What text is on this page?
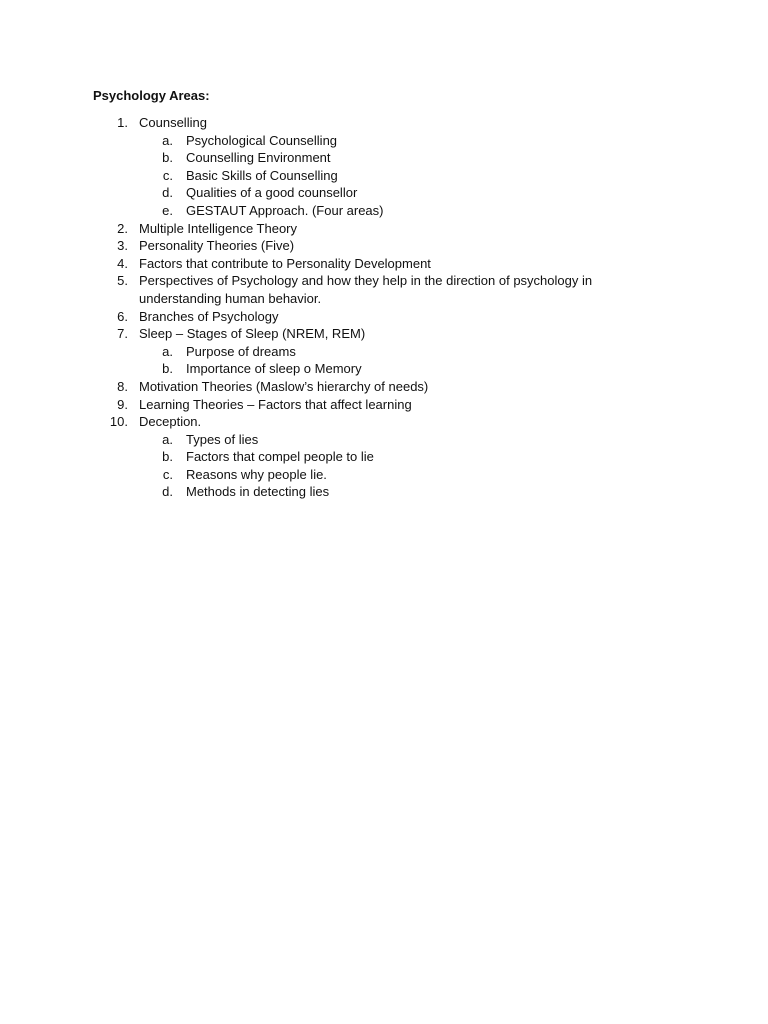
Psychology Areas:
1. Counselling
a. Psychological Counselling
b. Counselling Environment
c. Basic Skills of Counselling
d. Qualities of a good counsellor
e. GESTAUT Approach. (Four areas)
2. Multiple Intelligence Theory
3. Personality Theories (Five)
4. Factors that contribute to Personality Development
5. Perspectives of Psychology and how they help in the direction of psychology in
understanding human behavior.
6. Branches of Psychology
7. Sleep – Stages of Sleep (NREM, REM)
a. Purpose of dreams
b. Importance of sleep o Memory
8. Motivation Theories (Maslow’s hierarchy of needs)
9. Learning Theories – Factors that affect learning
10. Deception.
a. Types of lies
b. Factors that compel people to lie
c. Reasons why people lie.
d. Methods in detecting lies
